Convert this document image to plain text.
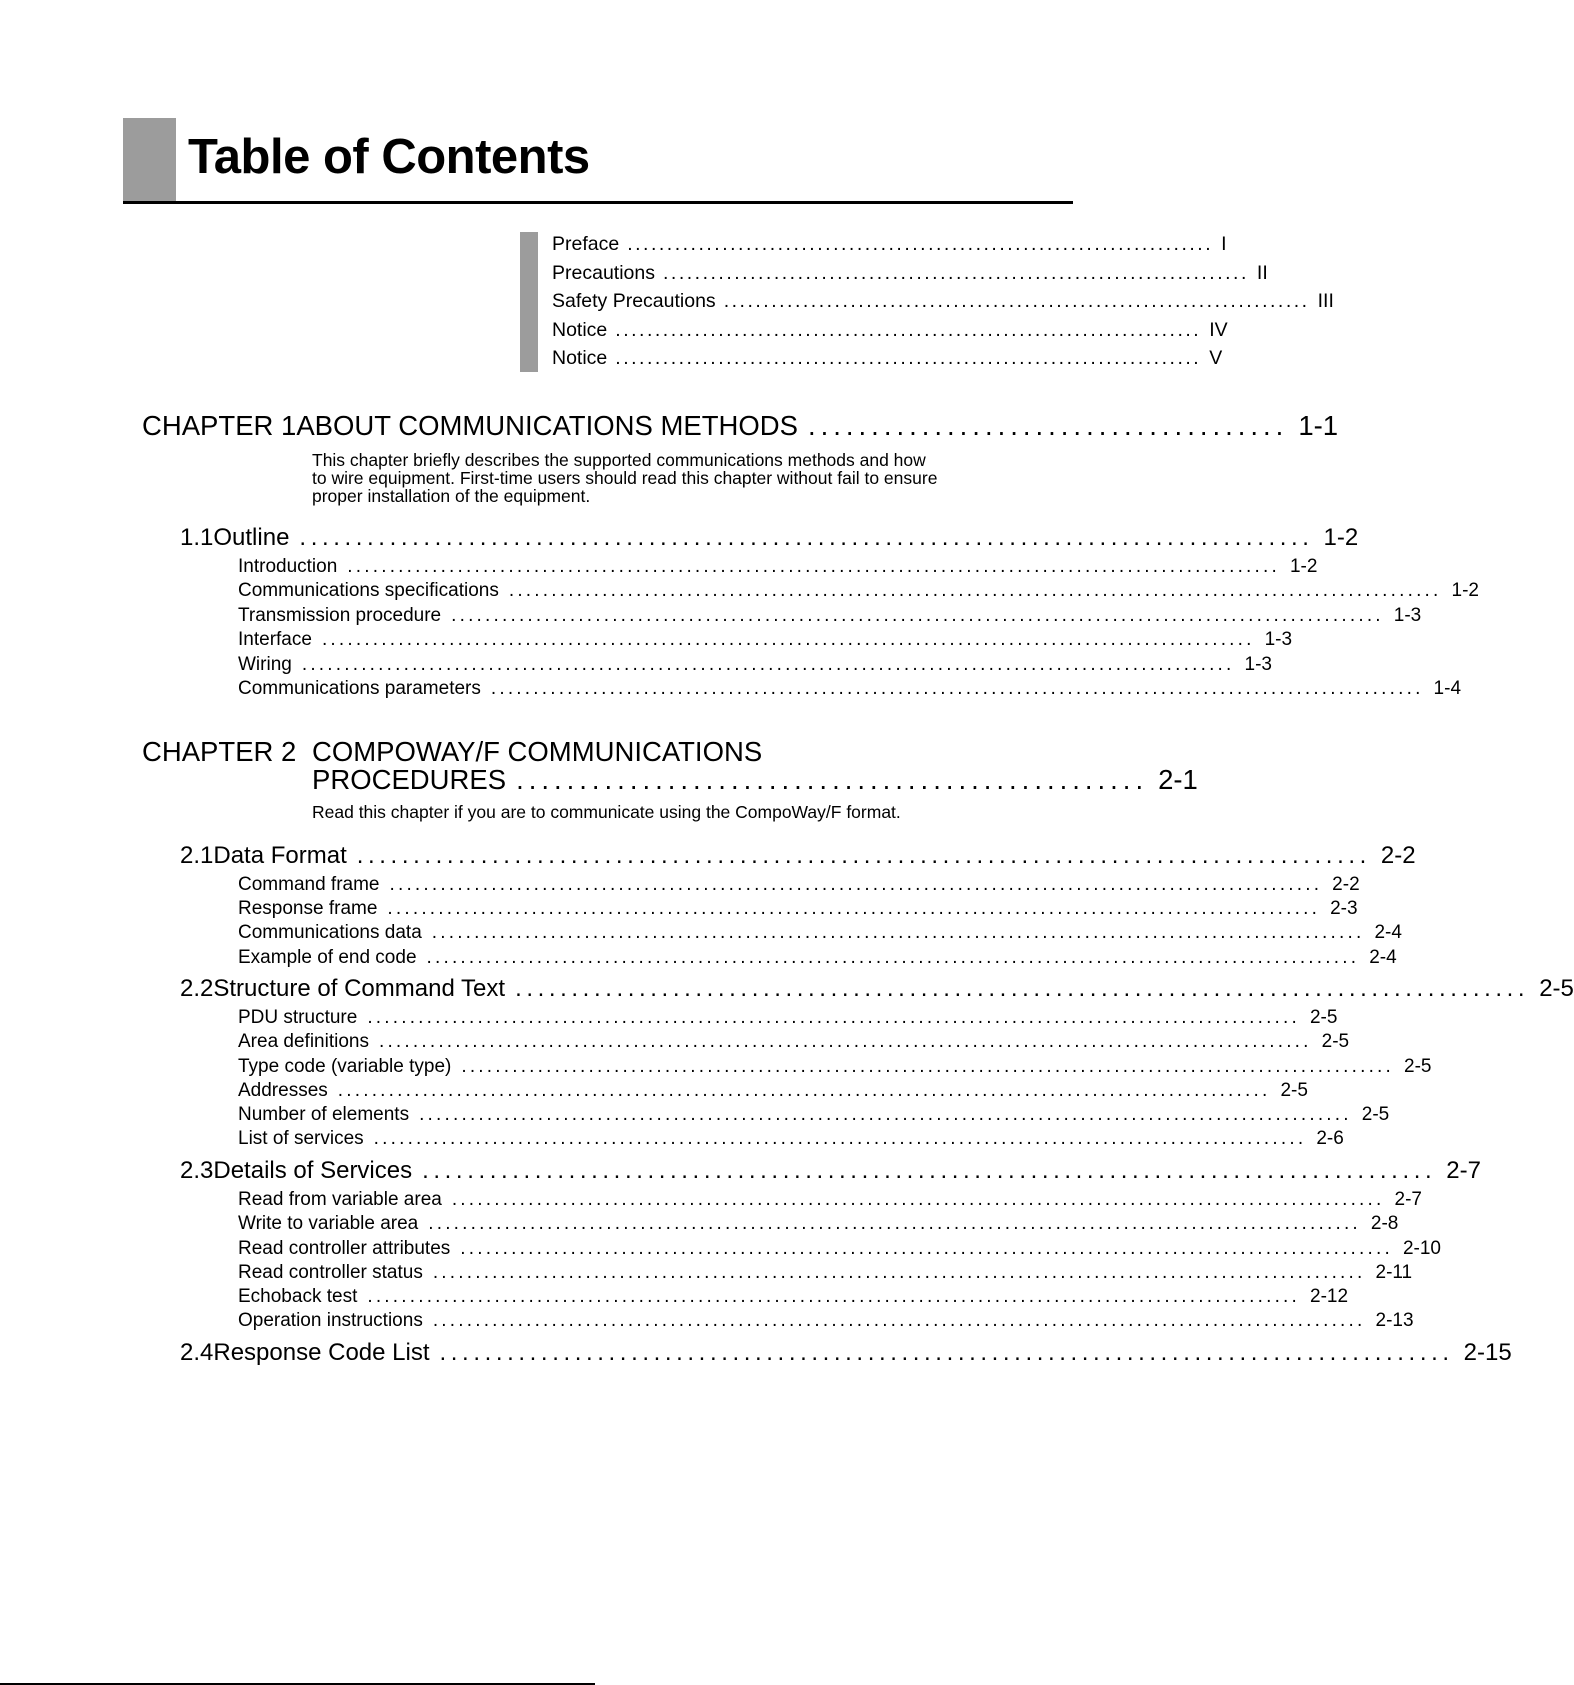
Table of Contents
Preface .......................................................................... I
Precautions .......................................................................... II
Safety Precautions .......................................................................... III
Notice .......................................................................... IV
Notice .......................................................................... V
CHAPTER 1 ABOUT COMMUNICATIONS METHODS ...................................... 1-1
This chapter briefly describes the supported communications methods and how
to wire equipment. First-time users should read this chapter without fail to ensure
proper installation of the equipment.
1.1 Outline .......................................................................................... 1-2
Introduction .............................................................................................................. 1-2
Communications specifications .............................................................................................................. 1-2
Transmission procedure .............................................................................................................. 1-3
Interface .............................................................................................................. 1-3
Wiring .............................................................................................................. 1-3
Communications parameters .............................................................................................................. 1-4
CHAPTER 2 COMPOWAY/F COMMUNICATIONS
PROCEDURES .................................................. 2-1
Read this chapter if you are to communicate using the CompoWay/F format.
2.1 Data Format .......................................................................................... 2-2
Command frame .............................................................................................................. 2-2
Response frame .............................................................................................................. 2-3
Communications data .............................................................................................................. 2-4
Example of end code .............................................................................................................. 2-4
2.2 Structure of Command Text .......................................................................................... 2-5
PDU structure .............................................................................................................. 2-5
Area definitions .............................................................................................................. 2-5
Type code (variable type) .............................................................................................................. 2-5
Addresses .............................................................................................................. 2-5
Number of elements .............................................................................................................. 2-5
List of services .............................................................................................................. 2-6
2.3 Details of Services .......................................................................................... 2-7
Read from variable area .............................................................................................................. 2-7
Write to variable area .............................................................................................................. 2-8
Read controller attributes .............................................................................................................. 2-10
Read controller status .............................................................................................................. 2-11
Echoback test .............................................................................................................. 2-12
Operation instructions .............................................................................................................. 2-13
2.4 Response Code List .......................................................................................... 2-15
